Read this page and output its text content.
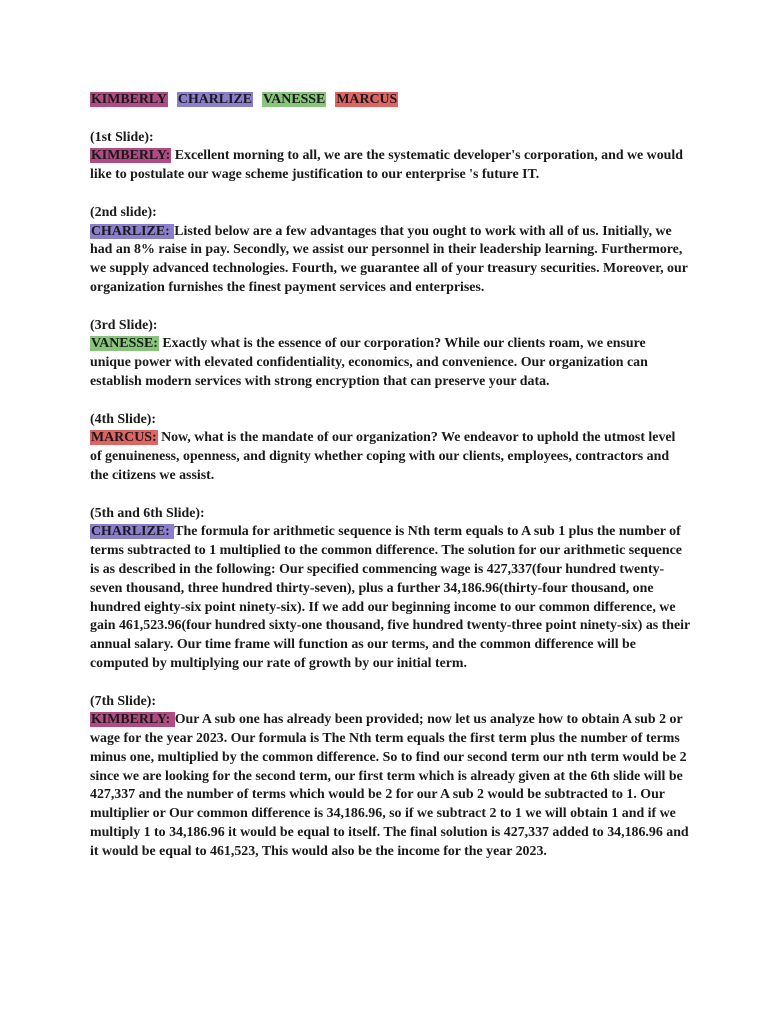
KIMBERLY CHARLIZE VANESSE MARCUS

(1st Slide):

KIMBERLY: Excellent morning to all, we are the systematic developer's corporation, and we would like to postulate our wage scheme justification to our enterprise 's future IT.

(2nd slide):

CHARLIZE: Listed below are a few advantages that you ought to work with all of us. Initially, we had an 8% raise in pay. Secondly, we assist our personnel in their leadership learning. Furthermore, we supply advanced technologies. Fourth, we guarantee all of your treasury securities. Moreover, our organization furnishes the finest payment services and enterprises.

(3rd Slide):

VANESSE: Exactly what is the essence of our corporation? While our clients roam, we ensure unique power with elevated confidentiality, economics, and convenience. Our organization can establish modern services with strong encryption that can preserve your data.

(4th Slide):

MARCUS: Now, what is the mandate of our organization? We endeavor to uphold the utmost level of genuineness, openness, and dignity whether coping with our clients, employees, contractors and the citizens we assist.

(5th and 6th Slide):

CHARLIZE: The formula for arithmetic sequence is Nth term equals to A sub 1 plus the number of terms subtracted to 1 multiplied to the common difference. The solution for our arithmetic sequence is as described in the following: Our specified commencing wage is 427,337(four hundred twenty-seven thousand, three hundred thirty-seven), plus a further 34,186.96(thirty-four thousand, one hundred eighty-six point ninety-six). If we add our beginning income to our common difference, we gain 461,523.96(four hundred sixty-one thousand, five hundred twenty-three point ninety-six) as their annual salary. Our time frame will function as our terms, and the common difference will be computed by multiplying our rate of growth by our initial term.

(7th Slide):

KIMBERLY: Our A sub one has already been provided; now let us analyze how to obtain A sub 2 or wage for the year 2023. Our formula is The Nth term equals the first term plus the number of terms minus one, multiplied by the common difference. So to find our second term our nth term would be 2 since we are looking for the second term, our first term which is already given at the 6th slide will be 427,337 and the number of terms which would be 2 for our A sub 2 would be subtracted to 1. Our multiplier or Our common difference is 34,186.96, so if we subtract 2 to 1 we will obtain 1 and if we multiply 1 to 34,186.96 it would be equal to itself. The final solution is 427,337 added to 34,186.96 and it would be equal to 461,523, This would also be the income for the year 2023.
